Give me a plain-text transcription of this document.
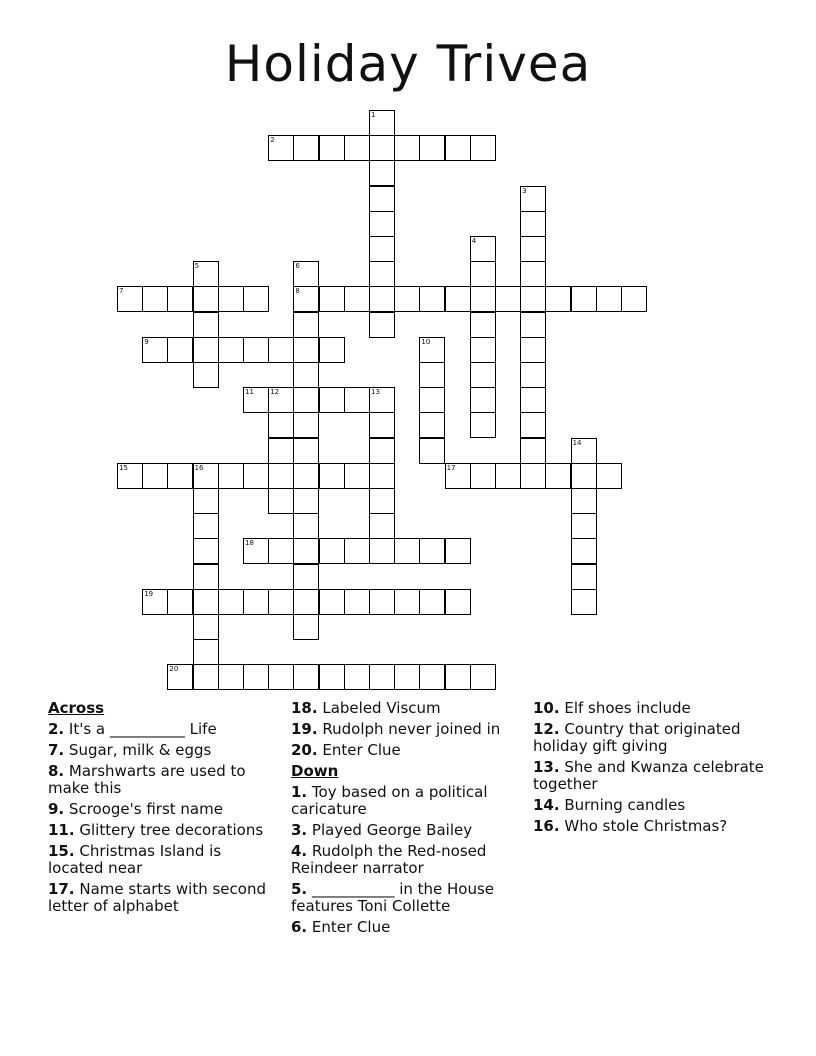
Holiday Trivea
1
2
3
4
5	6
8
7
9	10
11 12	13
14
15	16	17
18
19
20
Across

2. It's a __________ Life

7. Sugar, milk & eggs

8. Marshwarts are used to make this

9. Scrooge's first name

11. Glittery tree decorations

15. Christmas Island is located near

17. Name starts with second letter of alphabet

18. Labeled Viscum

19. Rudolph never joined in

20. Enter Clue

Down

1. Toy based on a political caricature

3. Played George Bailey

4. Rudolph the Red-nosed Reindeer narrator

5. ___________ in the House features Toni Collette

6. Enter Clue

10. Elf shoes include

12. Country that originated holiday gift giving

13. She and Kwanza celebrate together

14. Burning candles

16. Who stole Christmas?
